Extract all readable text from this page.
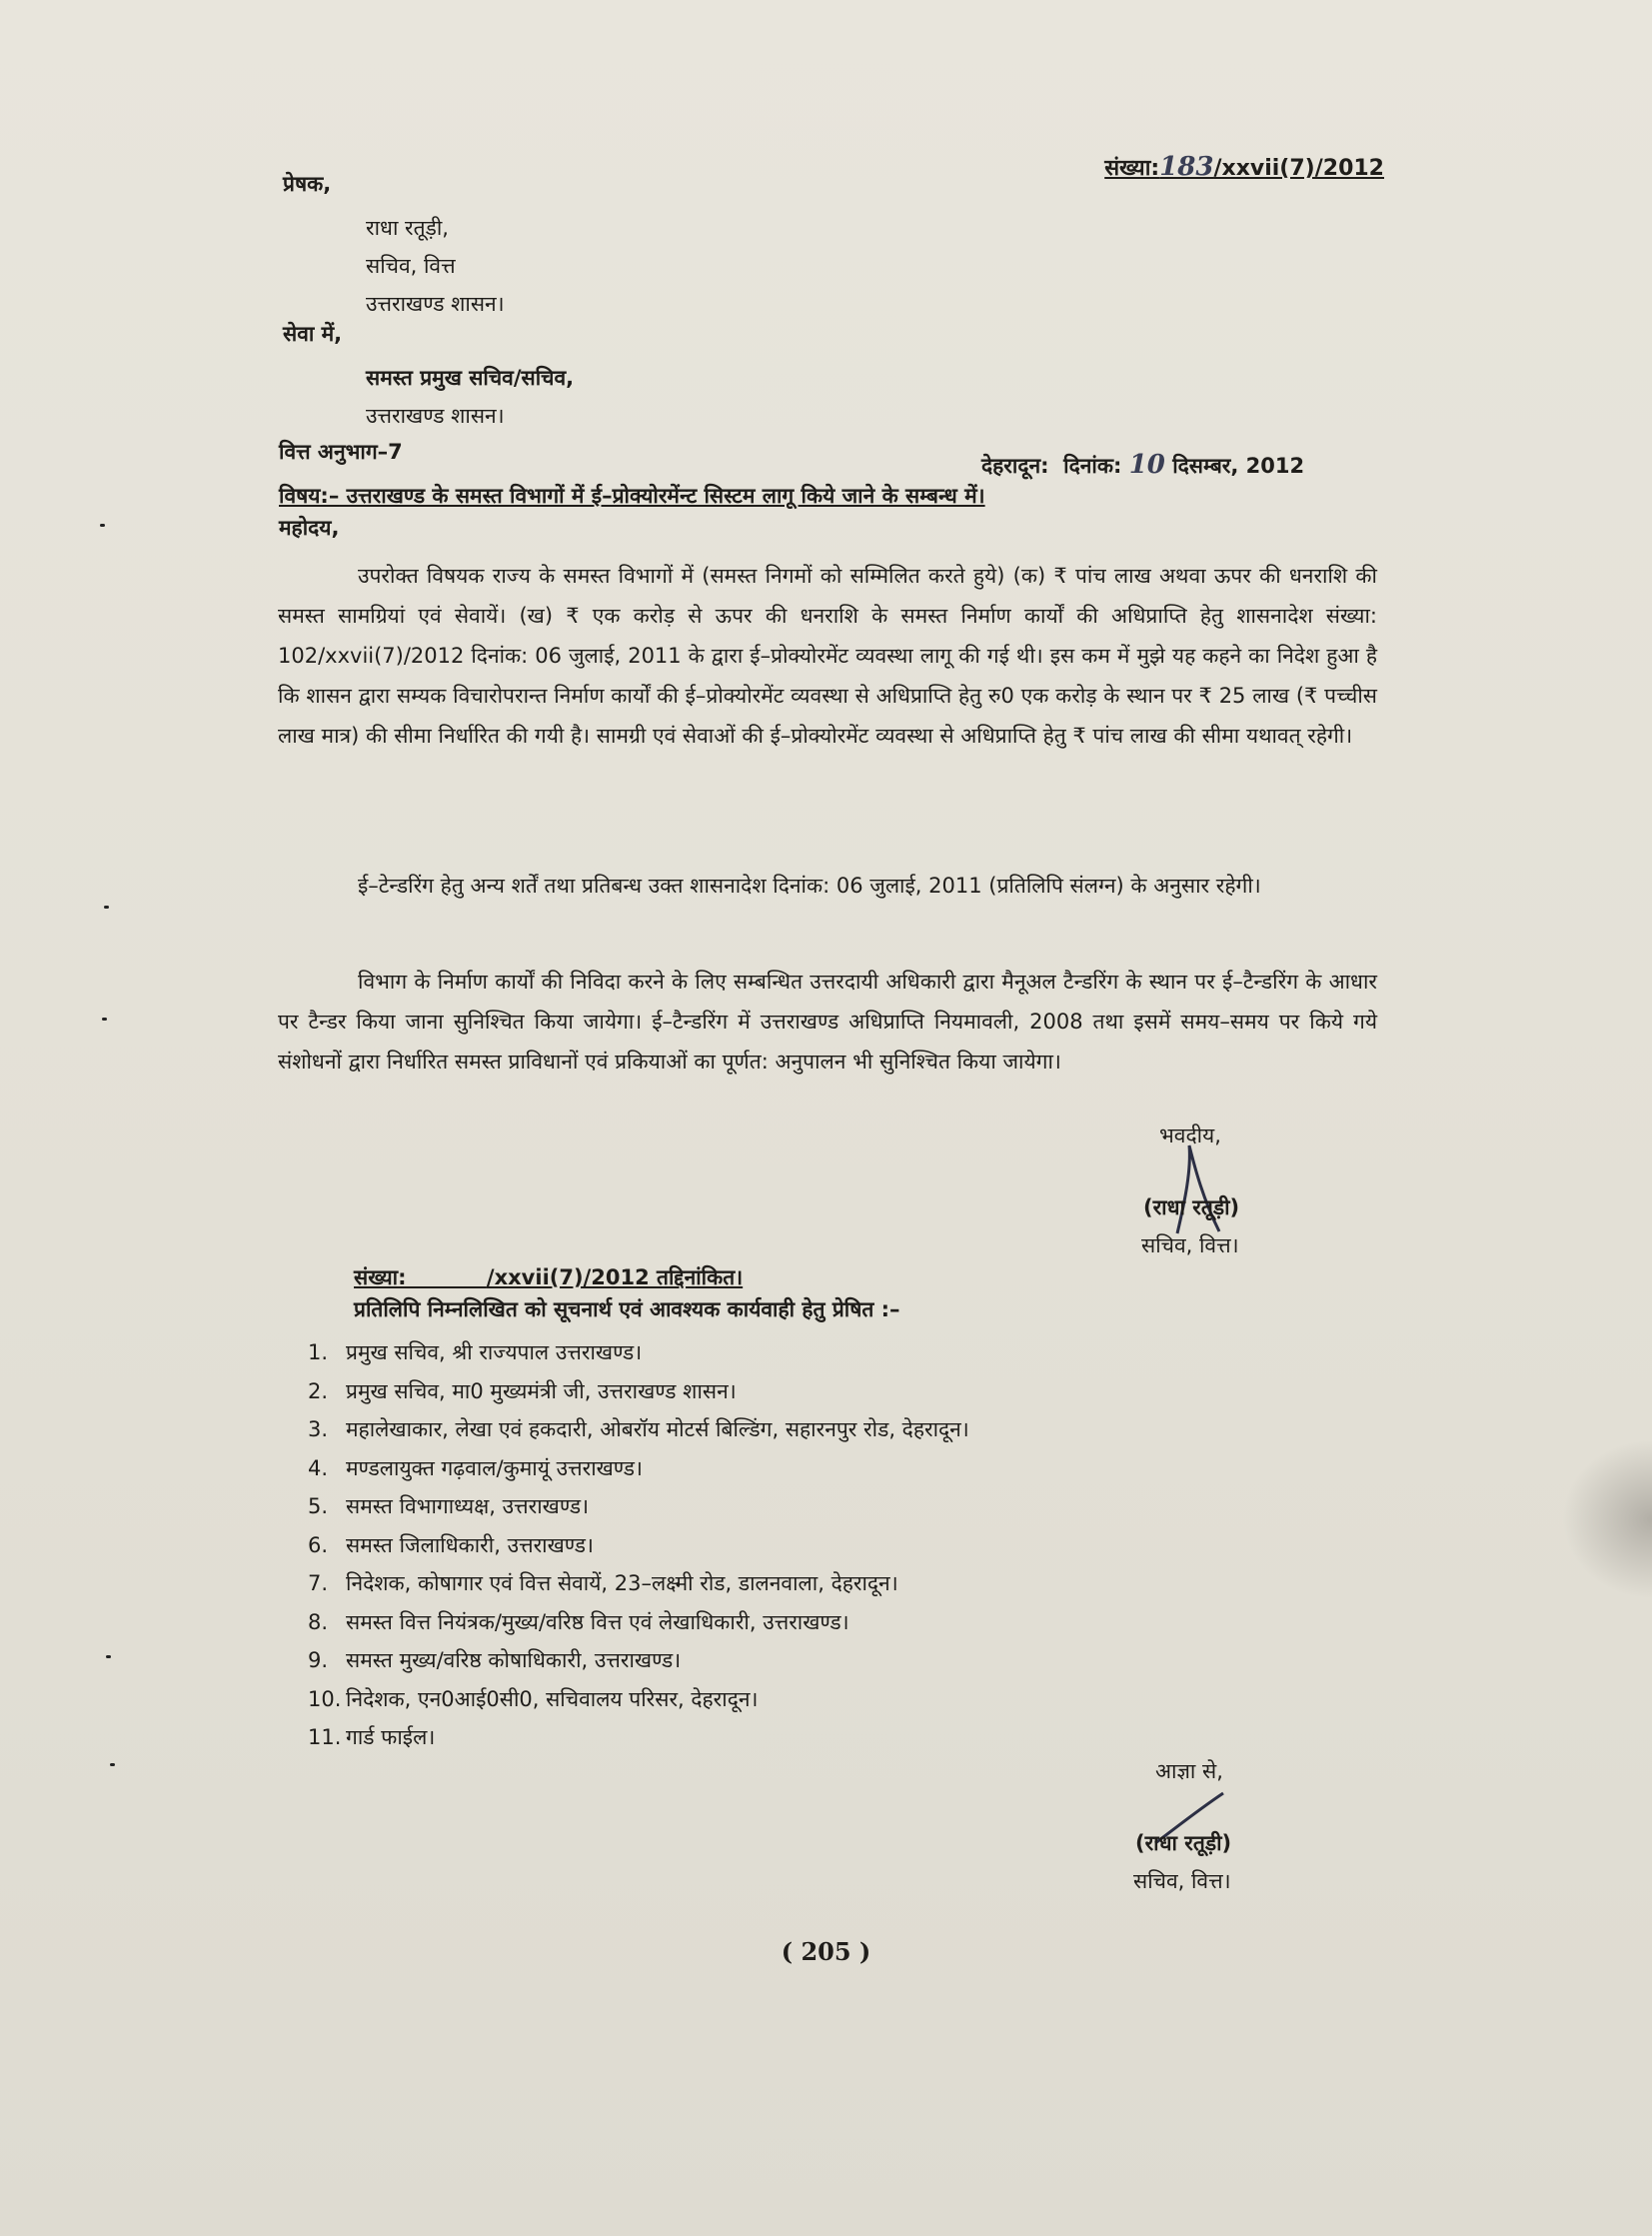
संख्या:183/xxvii(7)/2012
प्रेषक,
राधा रतूड़ी,
सचिव, वित्त
उत्तराखण्ड शासन।
सेवा में,
समस्त प्रमुख सचिव/सचिव,
उत्तराखण्ड शासन।
वित्त अनुभाग–7
देहरादून: दिनांक: 10 दिसम्बर, 2012
विषय:– उत्तराखण्ड के समस्त विभागों में ई–प्रोक्योरमेंन्ट सिस्टम लागू किये जाने के सम्बन्ध में।
महोदय,
उपरोक्त विषयक राज्य के समस्त विभागों में (समस्त निगमों को सम्मिलित करते हुये) (क) ₹ पांच लाख अथवा ऊपर की धनराशि की समस्त सामग्रियां एवं सेवायें। (ख) ₹ एक करोड़ से ऊपर की धनराशि के समस्त निर्माण कार्यों की अधिप्राप्ति हेतु शासनादेश संख्या: 102/xxvii(7)/2012 दिनांक: 06 जुलाई, 2011 के द्वारा ई–प्रोक्योरमेंट व्यवस्था लागू की गई थी। इस कम में मुझे यह कहने का निदेश हुआ है कि शासन द्वारा सम्यक विचारोपरान्त निर्माण कार्यों की ई–प्रोक्योरमेंट व्यवस्था से अधिप्राप्ति हेतु रु0 एक करोड़ के स्थान पर ₹ 25 लाख (₹ पच्चीस लाख मात्र) की सीमा निर्धारित की गयी है। सामग्री एवं सेवाओं की ई–प्रोक्योरमेंट व्यवस्था से अधिप्राप्ति हेतु ₹ पांच लाख की सीमा यथावत् रहेगी।
ई–टेन्डरिंग हेतु अन्य शर्तें तथा प्रतिबन्ध उक्त शासनादेश दिनांक: 06 जुलाई, 2011 (प्रतिलिपि संलग्न) के अनुसार रहेगी।
विभाग के निर्माण कार्यों की निविदा करने के लिए सम्बन्धित उत्तरदायी अधिकारी द्वारा मैनूअल टैन्डरिंग के स्थान पर ई–टैन्डरिंग के आधार पर टैन्डर किया जाना सुनिश्चित किया जायेगा। ई–टैन्डरिंग में उत्तराखण्ड अधिप्राप्ति नियमावली, 2008 तथा इसमें समय–समय पर किये गये संशोधनों द्वारा निर्धारित समस्त प्राविधानों एवं प्रकियाओं का पूर्णत: अनुपालन भी सुनिश्चित किया जायेगा।
भवदीय,
(राधा रतूड़ी)
सचिव, वित्त।
संख्या:	/xxvii(7)/2012 तद्दिनांकित।
प्रतिलिपि निम्नलिखित को सूचनार्थ एवं आवश्यक कार्यवाही हेतु प्रेषित :–
1. प्रमुख सचिव, श्री राज्यपाल उत्तराखण्ड।
2. प्रमुख सचिव, मा0 मुख्यमंत्री जी, उत्तराखण्ड शासन।
3. महालेखाकार, लेखा एवं हकदारी, ओबरॉय मोटर्स बिल्डिंग, सहारनपुर रोड, देहरादून।
4. मण्डलायुक्त गढ़वाल/कुमायूं उत्तराखण्ड।
5. समस्त विभागाध्यक्ष, उत्तराखण्ड।
6. समस्त जिलाधिकारी, उत्तराखण्ड।
7. निदेशक, कोषागार एवं वित्त सेवायें, 23–लक्ष्मी रोड, डालनवाला, देहरादून।
8. समस्त वित्त नियंत्रक/मुख्य/वरिष्ठ वित्त एवं लेखाधिकारी, उत्तराखण्ड।
9. समस्त मुख्य/वरिष्ठ कोषाधिकारी, उत्तराखण्ड।
10. निदेशक, एन0आई0सी0, सचिवालय परिसर, देहरादून।
11. गार्ड फाईल।
आज्ञा से,
(राधा रतूड़ी)
सचिव, वित्त।
( 205 )
